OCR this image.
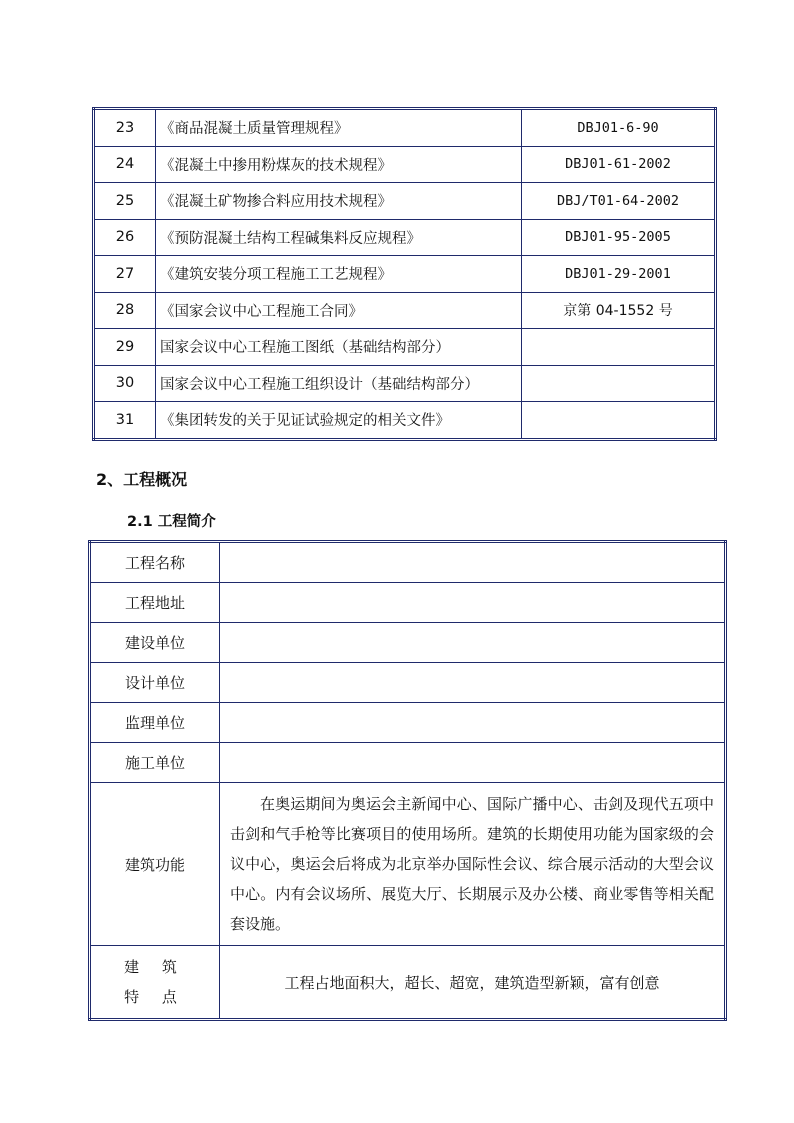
23	《商品混凝土质量管理规程》	DBJ01-6-90
24	《混凝土中掺用粉煤灰的技术规程》	DBJ01-61-2002
25	《混凝土矿物掺合料应用技术规程》	DBJ/T01-64-2002
26	《预防混凝土结构工程碱集料反应规程》	DBJ01-95-2005
27	《建筑安装分项工程施工工艺规程》	DBJ01-29-2001
28	《国家会议中心工程施工合同》	京第 04-1552 号
29	国家会议中心工程施工图纸（基础结构部分）	
30	国家会议中心工程施工组织设计（基础结构部分）	
31	《集团转发的关于见证试验规定的相关文件》	
2、工程概况
2.1 工程简介
工程名称	
工程地址	
建设单位	
设计单位	
监理单位	
施工单位	
建筑功能	在奥运期间为奥运会主新闻中心、国际广播中心、击剑及现代五项中击剑和气手枪等比赛项目的使用场所。建筑的长期使用功能为国家级的会议中心，奥运会后将成为北京举办国际性会议、综合展示活动的大型会议中心。内有会议场所、展览大厅、长期展示及办公楼、商业零售等相关配套设施。

建 筑
特 点	工程占地面积大，超长、超宽，建筑造型新颖，富有创意
